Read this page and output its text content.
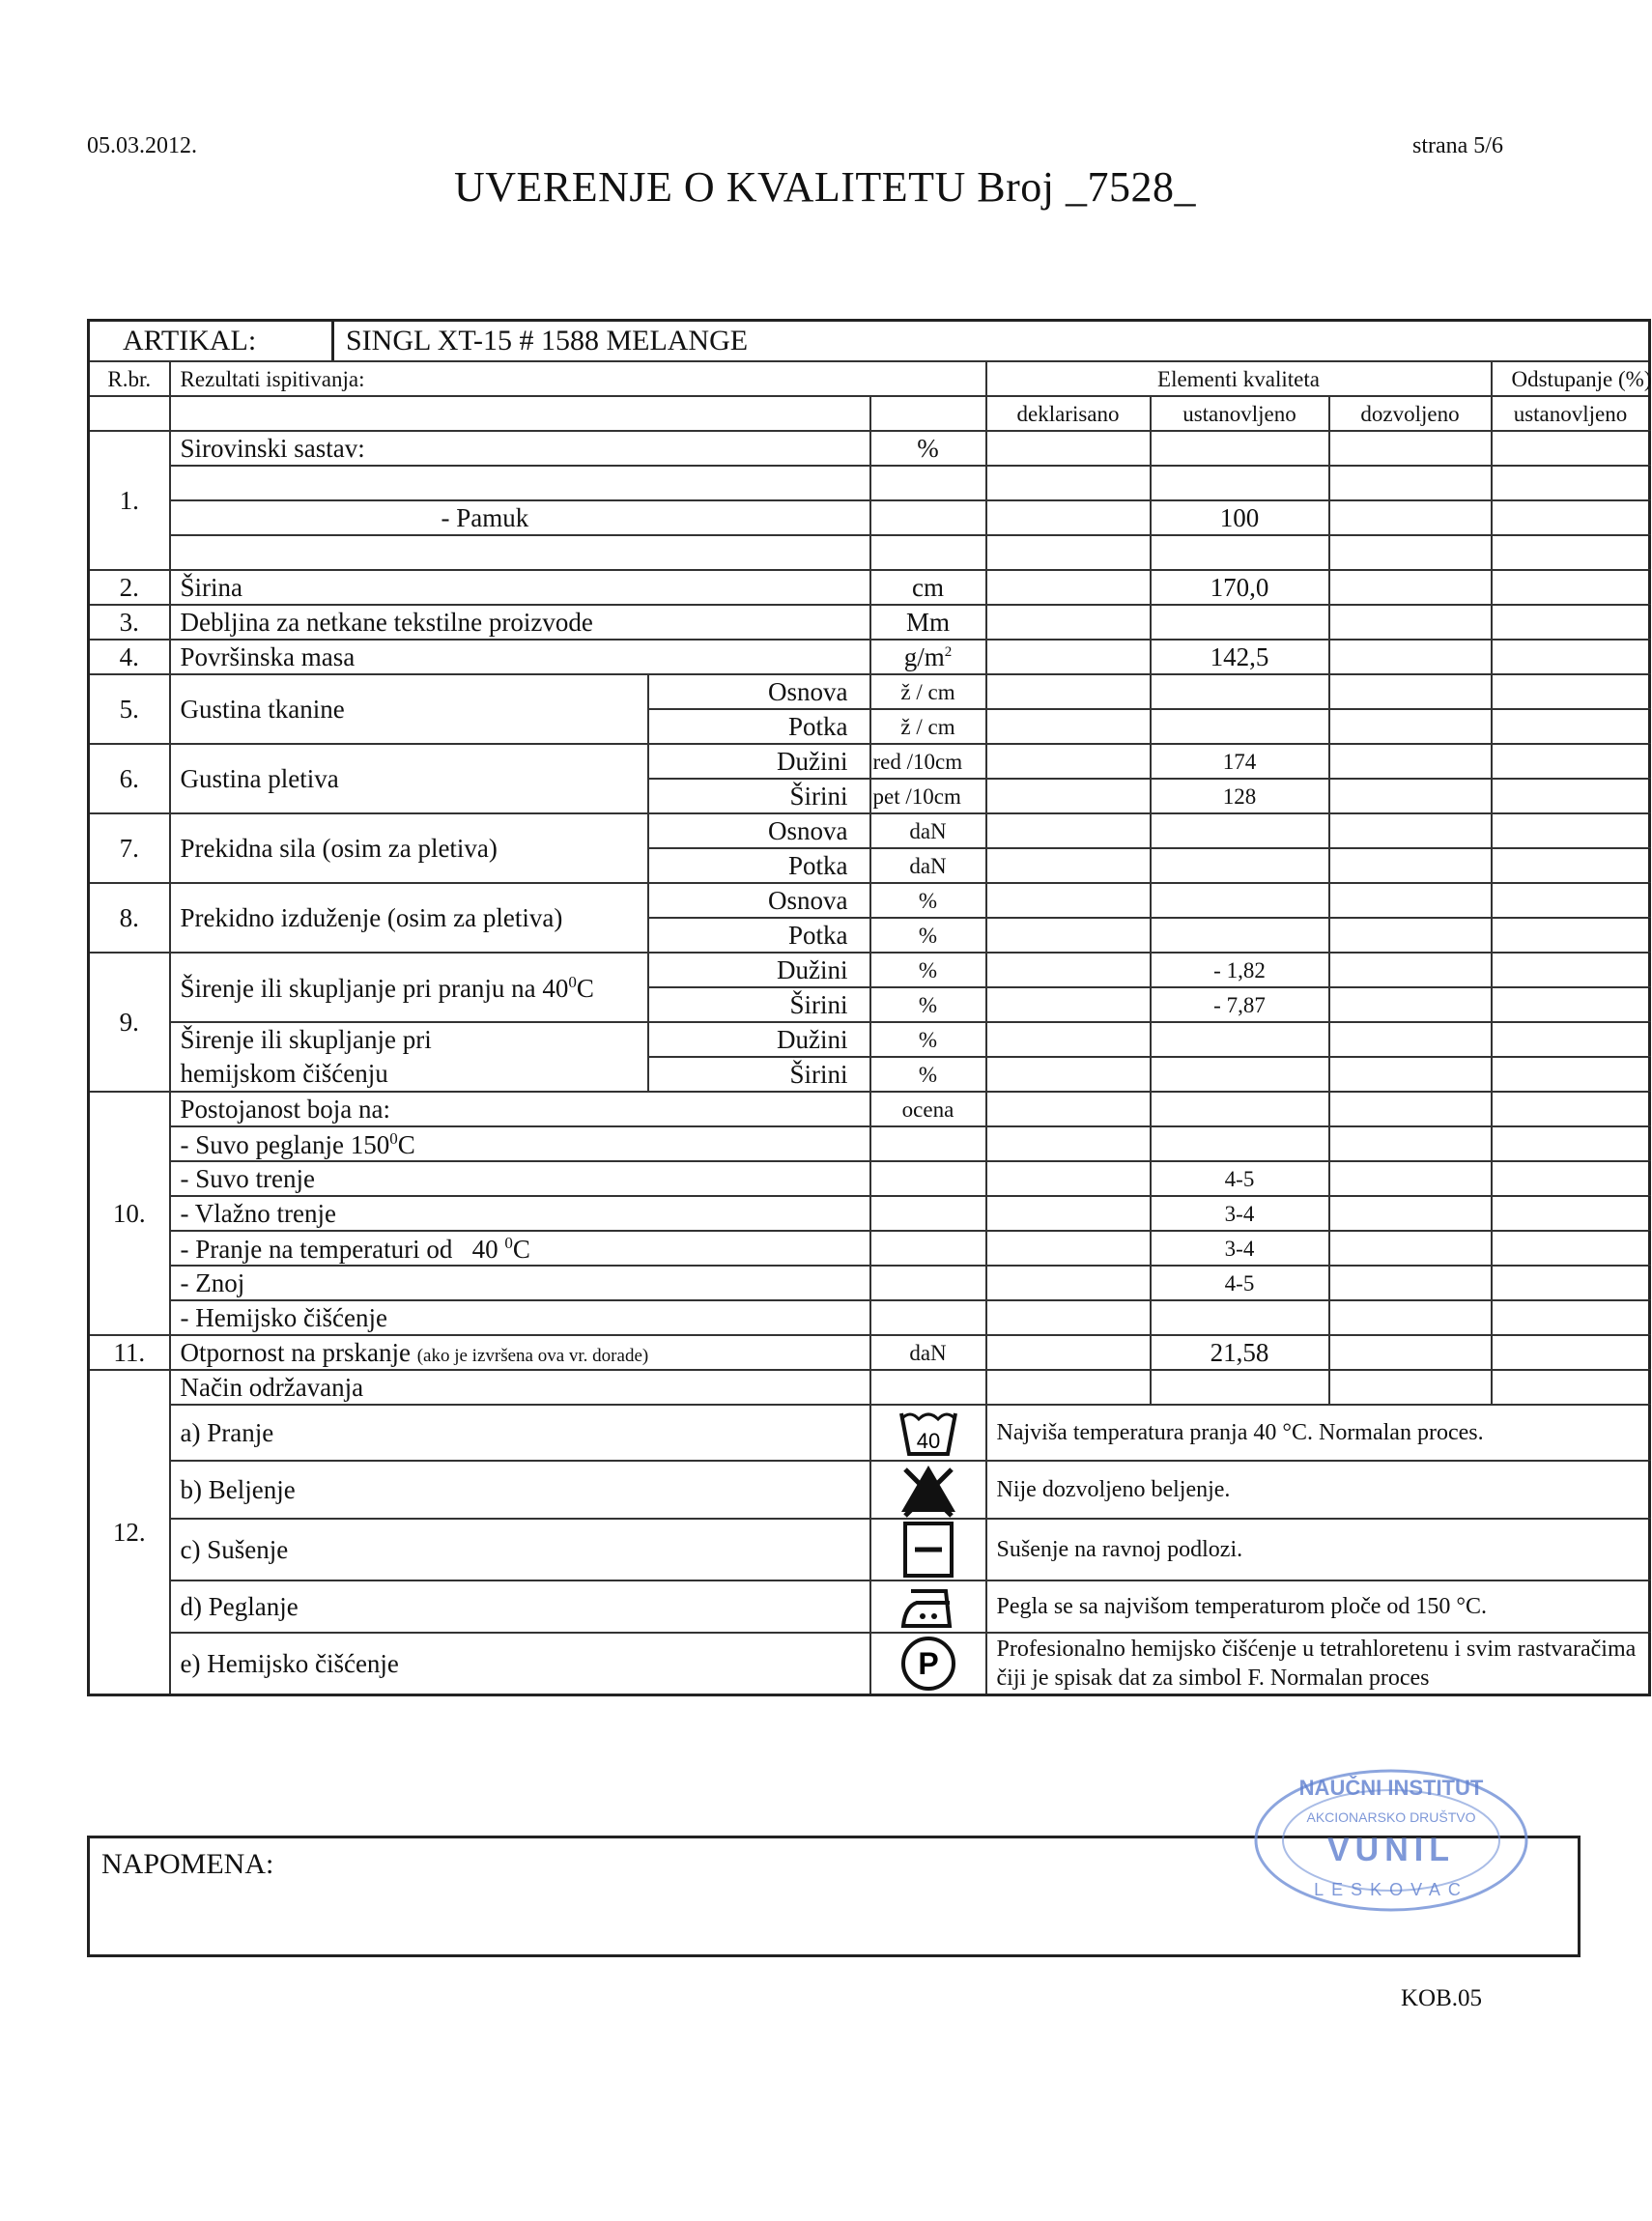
05.03.2012.	strana 5/6
UVERENJE O KVALITETU Broj _7528_
ARTIKAL: SINGL XT-15 # 1588 MELANGE							
R.br.	Rezultati ispitivanja:			Elementi kvaliteta			Odstupanje (%)
				deklarisano	ustanovljeno	dozvoljeno	ustanovljeno
1.	Sirovinski sastav:		%				

	- Pamuk				100		

2.	Širina		cm		170,0		
3.	Debljina za netkane tekstilne proizvode		Mm				
4.	Površinska masa		$g/m^2$		142,5		
5.	Gustina tkanine	Osnova	ž / cm				
		Potka	ž / cm				
6.	Gustina pletiva	Dužini	red /10cm		174		
		Širini	pet /10cm		128		
7.	Prekidna sila (osim za pletiva)	Osnova	daN				
		Potka	daN				
8.	Prekidno izduženje (osim za pletiva)	Osnova	%				
		Potka	%				
9.	Širenje ili skupljanje pri pranju na $40^0C$	Dužini	%		- 1,82		
		Širini	%		- 7,87		
	Širenje ili skupljanje pri	Dužini	%				
	hemijskom čišćenju	Širini	%				
10.	Postojanost boja na:		ocena				
	- Suvo peglanje $150^0C$						
	- Suvo trenje				4-5		
	- Vlažno trenje				3-4		
	- Pranje na temperaturi od   40 $^0$C				3-4		
	- Znoj				4-5		
	- Hemijsko čišćenje						
11.	Otpornost na prskanje (ako je izvršena ova vr. dorade)		daN		21,58		
12.	Način održavanja						
	a) Pranje		40	Najviša temperatura pranja 40 °C. Normalan proces.			
	b) Beljenje			Nije dozvoljeno beljenje.			
	c) Sušenje			Sušenje na ravnoj podlozi.			
	d) Peglanje			Pegla se sa najvišom temperaturom ploče od 150 °C.			
	e) Hemijsko čišćenje		P	Profesionalno hemijsko čišćenje u tetrahloretenu i svim rastvaračima čiji je spisak dat za simbol F. Normalan proces			
NAPOMENA:
NAUČNI INSTITUT
AKCIONARSKO DRUŠTVO
VUNIL
LESKOVAC
KOB.05
